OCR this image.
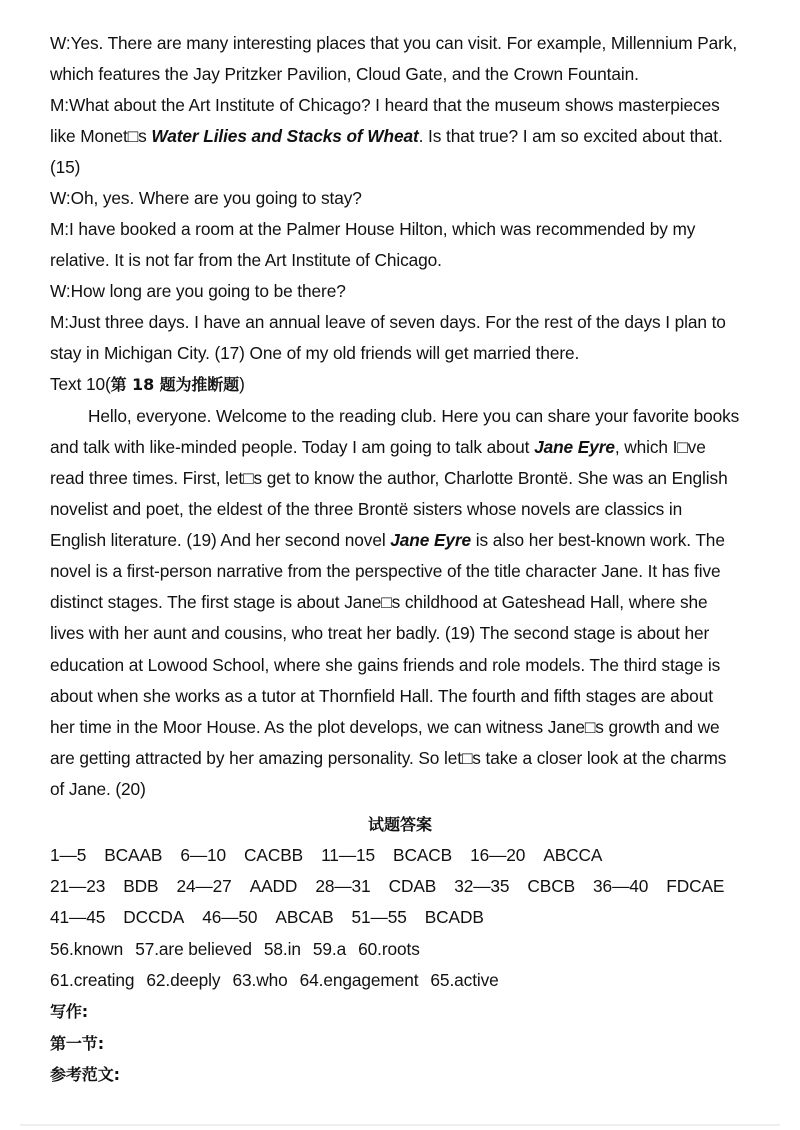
W:Yes. There are many interesting places that you can visit. For example, Millennium Park,
which features the Jay Pritzker Pavilion, Cloud Gate, and the Crown Fountain.
M:What about the Art Institute of Chicago? I heard that the museum shows masterpieces
like Monet□s Water Lilies and Stacks of Wheat. Is that true? I am so excited about that.
(15)
W:Oh, yes. Where are you going to stay?
M:I have booked a room at the Palmer House Hilton, which was recommended by my
relative. It is not far from the Art Institute of Chicago.
W:How long are you going to be there?
M:Just three days. I have an annual leave of seven days. For the rest of the days I plan to
stay in Michigan City. (17) One of my old friends will get married there.
Text 10(第 18 题为推断题)
Hello, everyone. Welcome to the reading club. Here you can share your favorite books
and talk with like-minded people. Today I am going to talk about Jane Eyre, which I□ve
read three times. First, let□s get to know the author, Charlotte Brontë. She was an English
novelist and poet, the eldest of the three Brontë sisters whose novels are classics in
English literature. (19) And her second novel Jane Eyre is also her best-known work. The
novel is a first-person narrative from the perspective of the title character Jane. It has five
distinct stages. The first stage is about Jane□s childhood at Gateshead Hall, where she
lives with her aunt and cousins, who treat her badly. (19) The second stage is about her
education at Lowood School, where she gains friends and role models. The third stage is
about when she works as a tutor at Thornfield Hall. The fourth and fifth stages are about
her time in the Moor House. As the plot develops, we can witness Jane□s growth and we
are getting attracted by her amazing personality. So let□s take a closer look at the charms
of Jane. (20)
试题答案
1—5 BCAAB 6—10 CACBB 11—15 BCACB 16—20 ABCCA
21—23 BDB 24—27 AADD 28—31 CDAB 32—35 CBCB 36—40 FDCAE
41—45 DCCDA 46—50 ABCAB 51—55 BCADB
56.known 57.are believed 58.in 59.a 60.roots
61.creating 62.deeply 63.who 64.engagement 65.active
写作:
第一节:
参考范文:
